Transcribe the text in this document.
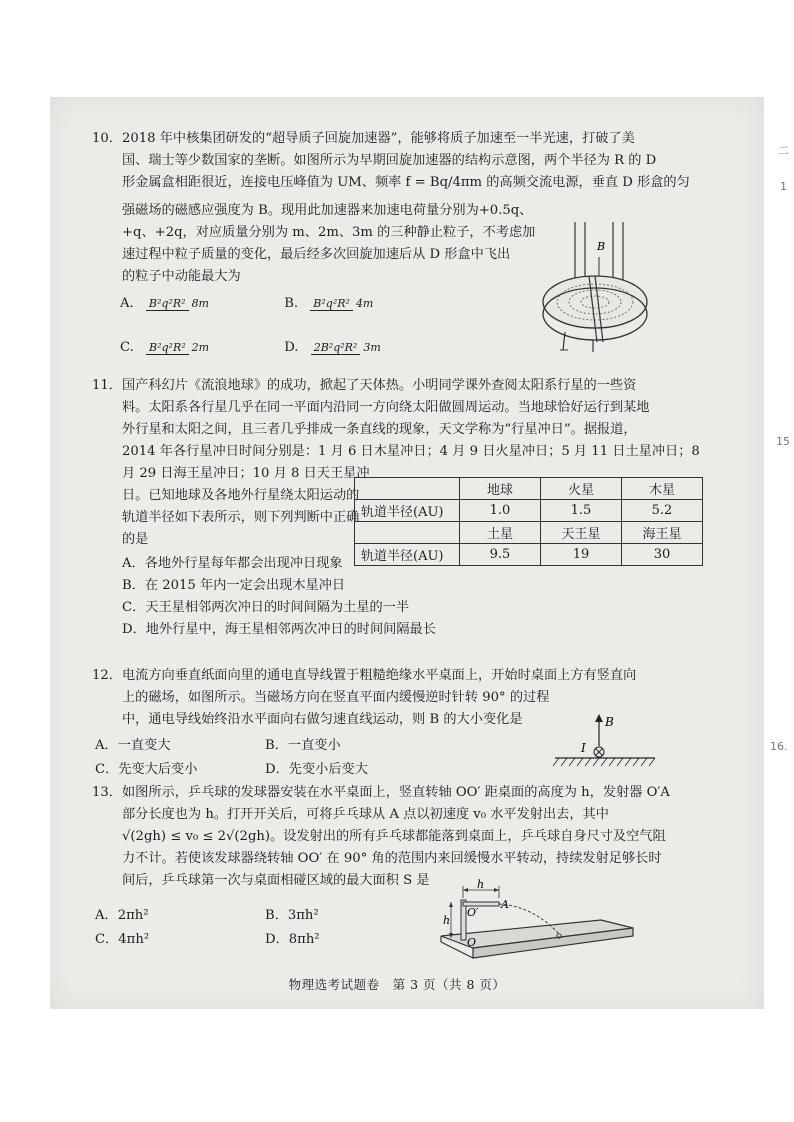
二
1
15
16.

10．2018 年中核集团研发的“超导质子回旋加速器”，能够将质子加速至一半光速，打破了美

国、瑞士等少数国家的垄断。如图所示为早期回旋加速器的结构示意图，两个半径为 R 的 D

形金属盒相距很近，连接电压峰值为 UM、频率 f = Bq/4πm 的高频交流电源，垂直 D 形盒的匀

强磁场的磁感应强度为 B。现用此加速器来加速电荷量分别为+0.5q、

+q、+2q，对应质量分别为 m、2m、3m 的三种静止粒子，不考虑加

速过程中粒子质量的变化，最后经多次回旋加速后从 D 形盒中飞出

的粒子中动能最大为

A. B²q²R² 8m	B. B²q²R² 4m
C. B²q²R² 2m	D. 2B²q²R² 3m
B

11．国产科幻片《流浪地球》的成功，掀起了天体热。小明同学课外查阅太阳系行星的一些资

料。太阳系各行星几乎在同一平面内沿同一方向绕太阳做圆周运动。当地球恰好运行到某地

外行星和太阳之间，且三者几乎排成一条直线的现象，天文学称为“行星冲日”。据报道，

2014 年各行星冲日时间分别是：1 月 6 日木星冲日；4 月 9 日火星冲日；5 月 11 日土星冲日；8

月 29 日海王星冲日；10 月 8 日天王星冲

日。已知地球及各地外行星绕太阳运动的

轨道半径如下表所示，则下列判断中正确

的是

A．各地外行星每年都会出现冲日现象

B．在 2015 年内一定会出现木星冲日

C．天王星相邻两次冲日的时间间隔为土星的一半

D．地外行星中，海王星相邻两次冲日的时间间隔最长

	地球	火星	木星
轨道半径(AU)	1.0	1.5	5.2
	土星	天王星	海王星
轨道半径(AU)	9.5	19	30

12．电流方向垂直纸面向里的通电直导线置于粗糙绝缘水平桌面上，开始时桌面上方有竖直向

上的磁场，如图所示。当磁场方向在竖直平面内缓慢逆时针转 90° 的过程

中，通电导线始终沿水平面向右做匀速直线运动，则 B 的大小变化是

A．一直变大	B．一直变小
C．先变大后变小	D．先变小后变大
B
I

13．如图所示，乒乓球的发球器安装在水平桌面上，竖直转轴 OO′ 距桌面的高度为 h，发射器 O′A

部分长度也为 h。打开开关后，可将乒乓球从 A 点以初速度 v₀ 水平发射出去，其中

√(2gh) ≤ v₀ ≤ 2√(2gh)。设发射出的所有乒乓球都能落到桌面上，乒乓球自身尺寸及空气阻

力不计。若使该发球器绕转轴 OO′ 在 90° 角的范围内来回缓慢水平转动，持续发射足够长时

间后，乒乓球第一次与桌面相碰区域的最大面积 S 是

A．2πh²	B．3πh²
C．4πh²	D．8πh²
h
h
O′
A
O
物理选考试题卷　第 3 页（共 8 页）
